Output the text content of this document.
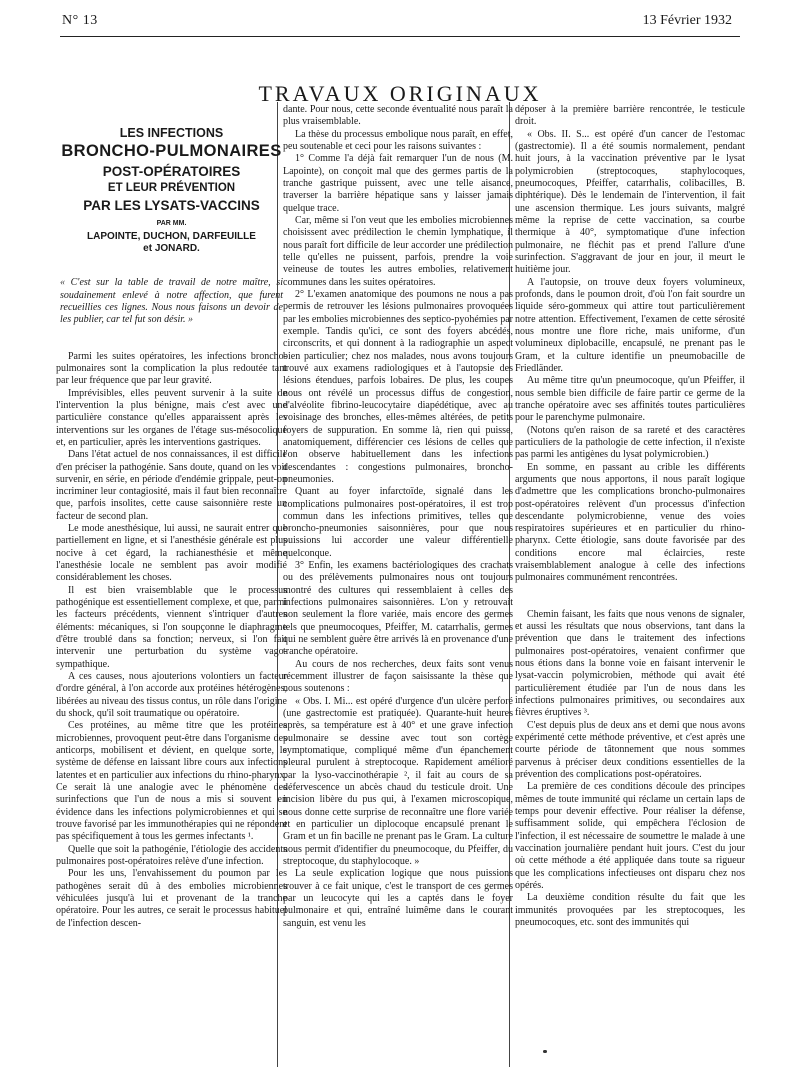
N° 13	13 Février 1932
TRAVAUX ORIGINAUX
LES INFECTIONS
BRONCHO-PULMONAIRES
POST-OPÉRATOIRES
ET LEUR PRÉVENTION
PAR LES LYSATS-VACCINS
PAR MM.
LAPOINTE, DUCHON, DARFEUILLE
et JONARD.
« C'est sur la table de travail de notre maître, si soudainement enlevé à notre affection, que furent recueillies ces lignes. Nous nous faisons un devoir de les publier, car tel fut son désir. »

Parmi les suites opératoires, les infections broncho-pulmonaires sont la complication la plus redoutée tant par leur fréquence que par leur gravité.

Imprévisibles, elles peuvent survenir à la suite de l'intervention la plus bénigne, mais c'est avec une particulière constance qu'elles apparaissent après les interventions sur les organes de l'étage sus-mésocolique et, en particulier, après les interventions gastriques.

Dans l'état actuel de nos connaissances, il est difficile d'en préciser la pathogénie. Sans doute, quand on les voit survenir, en série, en période d'endémie grippale, peut-on incriminer leur contagiosité, mais il faut bien reconnaître que, parfois insolites, cette cause saisonnière reste un facteur de second plan.

Le mode anesthésique, lui aussi, ne saurait entrer que partiellement en ligne, et si l'anesthésie générale est plus nocive à cet égard, la rachianesthésie et même l'anesthésie locale ne semblent pas avoir modifié considérablement les choses.

Il est bien vraisemblable que le processus pathogénique est essentiellement complexe, et que, parmi les facteurs précédents, viennent s'intriquer d'autres éléments: mécaniques, si l'on soupçonne le diaphragme d'être troublé dans sa fonction; nerveux, si l'on fait intervenir une perturbation du système vago-sympathique.

A ces causes, nous ajouterions volontiers un facteur d'ordre général, à l'on accorde aux protéines hétérogènes, libérées au niveau des tissus contus, un rôle dans l'origine du shock, qu'il soit traumatique ou opératoire.

Ces protéines, au même titre que les protéines microbiennes, provoquent peut-être dans l'organisme des anticorps, mobilisent et dévient, en quelque sorte, le système de défense en laissant libre cours aux infections latentes et en particulier aux infections du rhino-pharynx. Ce serait là une analogie avec le phénomène des surinfections que l'un de nous a mis si souvent en évidence dans les infections polymicrobiennes et qui se trouve favorisé par les immunothérapies qui ne répondent pas spécifiquement à tous les germes infectants ¹.

Quelle que soit la pathogénie, l'étiologie des accidents pulmonaires post-opératoires relève d'une infection.

Pour les uns, l'envahissement du poumon par les pathogènes serait dû à des embolies microbiennes véhiculées jusqu'à lui et provenant de la tranche opératoire. Pour les autres, ce serait le processus habituel de l'infection descen-

dante. Pour nous, cette seconde éventualité nous paraît la plus vraisemblable.

La thèse du processus embolique nous paraît, en effet, peu soutenable et ceci pour les raisons suivantes :

1° Comme l'a déjà fait remarquer l'un de nous (M. Lapointe), on conçoit mal que des germes partis de la tranche gastrique puissent, avec une telle aisance, traverser la barrière hépatique sans y laisser jamais quelque trace.

Car, même si l'on veut que les embolies microbiennes choisissent avec prédilection le chemin lymphatique, il nous paraît fort difficile de leur accorder une prédilection telle qu'elles ne puissent, parfois, prendre la voie veineuse de toutes les autres embolies, relativement communes dans les suites opératoires.

2° L'examen anatomique des poumons ne nous a pas permis de retrouver les lésions pulmonaires provoquées par les embolies microbiennes des septico-pyohémies par exemple. Tandis qu'ici, ce sont des foyers abcédés, circonscrits, et qui donnent à la radiographie un aspect bien particulier; chez nos malades, nous avons toujours trouvé aux examens radiologiques et à l'autopsie des lésions étendues, parfois lobaires. De plus, les coupes nous ont révélé un processus diffus de congestion, d'alvéolite fibrino-leucocytaire diapédétique, avec au voisinage des bronches, elles-mêmes altérées, de petits foyers de suppuration. En somme là, rien qui puisse, anatomiquement, différencier ces lésions de celles que l'on observe habituellement dans les infections descendantes : congestions pulmonaires, broncho-pneumonies.

Quant au foyer infarctoïde, signalé dans les complications pulmonaires post-opératoires, il est trop commun dans les infections primitives, telles que broncho-pneumonies saisonnières, pour que nous puissions lui accorder une valeur différentielle quelconque.

3° Enfin, les examens bactériologiques des crachats ou des prélèvements pulmonaires nous ont toujours montré des cultures qui ressemblaient à celles des infections pulmonaires saisonnières. L'on y retrouvait non seulement la flore variée, mais encore des germes tels que pneumocoques, Pfeiffer, M. catarrhalis, germes qui ne semblent guère être arrivés là en provenance d'une tranche opératoire.

Au cours de nos recherches, deux faits sont venus récemment illustrer de façon saisissante la thèse que nous soutenons :

« Obs. I. Mi... est opéré d'urgence d'un ulcère perforé (une gastrectomie est pratiquée). Quarante-huit heures après, sa température est à 40° et une grave infection pulmonaire se dessine avec tout son cortège symptomatique, compliqué même d'un épanchement pleural purulent à streptocoque. Rapidement amélioré par la lyso-vaccinothérapie ², il fait au cours de sa défervescence un abcès chaud du testicule droit. Une incision libère du pus qui, à l'examen microscopique, nous donne cette surprise de reconnaître une flore variée et en particulier un diplocoque encapsulé prenant le Gram et un fin bacille ne prenant pas le Gram. La culture nous permit d'identifier du pneumocoque, du Pfeiffer, du streptocoque, du staphylocoque. »

La seule explication logique que nous puissions trouver à ce fait unique, c'est le transport de ces germes par un leucocyte qui les a captés dans le foyer pulmonaire et qui, entraîné luimême dans le courant sanguin, est venu les

déposer à la première barrière rencontrée, le testicule droit.

« Obs. II. S... est opéré d'un cancer de l'estomac (gastrectomie). Il a été soumis normalement, pendant huit jours, à la vaccination préventive par le lysat polymicrobien (streptocoques, staphylocoques, pneumocoques, Pfeiffer, catarrhalis, colibacilles, B. diphtérique). Dès le lendemain de l'intervention, il fait une ascension thermique. Les jours suivants, malgré même la reprise de cette vaccination, sa courbe thermique à 40°, symptomatique d'une infection pulmonaire, ne fléchit pas et prend l'allure d'une surinfection. S'aggravant de jour en jour, il meurt le huitième jour.

A l'autopsie, on trouve deux foyers volumineux, profonds, dans le poumon droit, d'où l'on fait sourdre un liquide séro-gommeux qui attire tout particulièrement notre attention. Effectivement, l'examen de cette sérosité nous montre une flore riche, mais uniforme, d'un volumineux diplobacille, encapsulé, ne prenant pas le Gram, et la culture identifie un pneumobacille de Friedländer.

Au même titre qu'un pneumocoque, qu'un Pfeiffer, il nous semble bien difficile de faire partir ce germe de la tranche opératoire avec ses affinités toutes particulières pour le parenchyme pulmonaire.

(Notons qu'en raison de sa rareté et des caractères particuliers de la pathologie de cette infection, il n'existe pas parmi les antigènes du lysat polymicrobien.)

En somme, en passant au crible les différents arguments que nous apportons, il nous paraît logique d'admettre que les complications broncho-pulmonaires post-opératoires relèvent d'un processus d'infection descendante polymicrobienne, venue des voies respiratoires supérieures et en particulier du rhino-pharynx. Cette étiologie, sans doute favorisée par des conditions encore mal éclaircies, reste vraisemblablement analogue à celle des infections pulmonaires communément rencontrées.

Chemin faisant, les faits que nous venons de signaler, et aussi les résultats que nous observions, tant dans la prévention que dans le traitement des infections pulmonaires post-opératoires, venaient confirmer que nous étions dans la bonne voie en faisant intervenir le lysat-vaccin polymicrobien, méthode qui avait été particulièrement étudiée par l'un de nous dans les infections pulmonaires primitives, ou secondaires aux fièvres éruptives ³.

C'est depuis plus de deux ans et demi que nous avons expérimenté cette méthode préventive, et c'est après une courte période de tâtonnement que nous sommes parvenus à préciser deux conditions essentielles de la prévention des complications post-opératoires.

La première de ces conditions découle des principes mêmes de toute immunité qui réclame un certain laps de temps pour devenir effective. Pour réaliser la défense, suffisamment solide, qui empêchera l'éclosion de l'infection, il est nécessaire de soumettre le malade à une vaccination journalière pendant huit jours. C'est du jour où cette méthode a été appliquée dans toute sa rigueur que les complications infectieuses ont disparu chez nos opérés.

La deuxième condition résulte du fait que les immunités provoquées par les streptocoques, les pneumocoques, etc. sont des immunités qui
